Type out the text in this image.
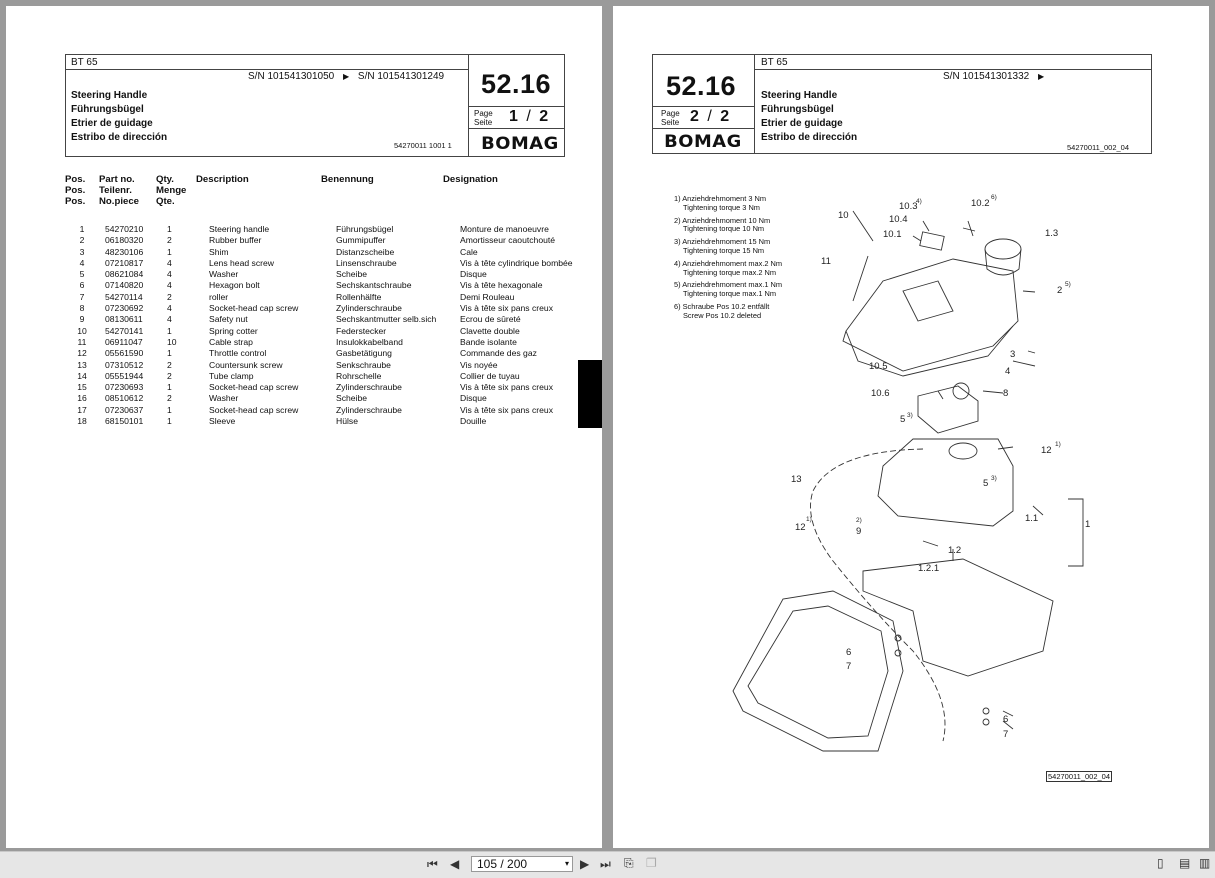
BT 65
S/N 101541301050 ▶ S/N 101541301249
Steering Handle
Führungsbügel
Etrier de guidage
Estribo de dirección
54270011 1001 1
52.16
Page
Seite 1 / 2
BOMAG
Pos.
Pos.
Pos.
Part no.
Teilenr.
No.piece
Qty.
Menge
Qte.
Description	Benennung	Designation
1	54270210	1	Steering handle	Führungsbügel	Monture de manoeuvre
2	06180320	2	Rubber buffer	Gummipuffer	Amortisseur caoutchouté
3	48230106	1	Shim	Distanzscheibe	Cale
4	07210817	4	Lens head screw	Linsenschraube	Vis à tête cylindrique bombée
5	08621084	4	Washer	Scheibe	Disque
6	07140820	4	Hexagon bolt	Sechskantschraube	Vis à tête hexagonale
7	54270114	2	roller	Rollenhälfte	Demi Rouleau
8	07230692	4	Socket-head cap screw	Zylinderschraube	Vis à tête six pans creux
9	08130611	4	Safety nut	Sechskantmutter selb.sich	Ecrou de sûreté
10	54270141	1	Spring cotter	Federstecker	Clavette double
11	06911047	10	Cable strap	Insulokkabelband	Bande isolante
12	05561590	1	Throttle control	Gasbetätigung	Commande des gaz
13	07310512	2	Countersunk screw	Senkschraube	Vis noyée
14	05551944	2	Tube clamp	Rohrschelle	Collier de tuyau
15	07230693	1	Socket-head cap screw	Zylinderschraube	Vis à tête six pans creux
16	08510612	2	Washer	Scheibe	Disque
17	07230637	1	Socket-head cap screw	Zylinderschraube	Vis à tête six pans creux
18	68150101	1	Sleeve	Hülse	Douille
52.16
Page
Seite 2 / 2
BOMAG
BT 65
S/N 101541301332 ▶
Steering Handle
Führungsbügel
Etrier de guidage
Estribo de dirección
54270011_002_04
1) Anziehdrehmoment 3 Nm
Tightening torque 3 Nm
2) Anziehdrehmoment 10 Nm
Tightening torque 10 Nm
3) Anziehdrehmoment 15 Nm
Tightening torque 15 Nm
4) Anziehdrehmoment max.2 Nm
Tightening torque max.2 Nm
5) Anziehdrehmoment max.1 Nm
Tightening torque max.1 Nm
6) Schraube Pos 10.2 entfällt
Screw Pos 10.2 deleted
10.3
4)
10.4
10.2
6)
10.1
10
11
1.3
2
5)
3
4
10.5
10.6	8
5 3)
12
1)
13	5 3)
1.1
1
12
1)
9
2)
1.2
1.2.1
6
7
6
7
54270011_002_04
⏮ ◀	105 / 200	▾ ▶ ⏭ ⎘ ❐	▯ ▤ ▥
